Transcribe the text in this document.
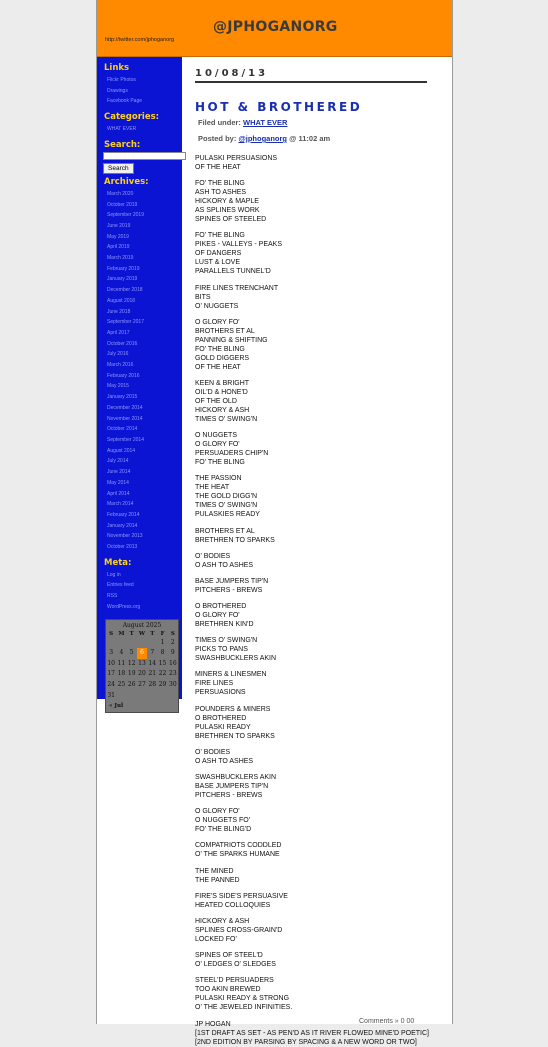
@JPHOGANORG
http://twitter.com/jphoganorg
Links
Flickr Photos
Drawings
Facebook Page
Categories:
WHAT EVER
Search:
Search
Archives:
March 2020
October 2019
September 2019
June 2019
May 2019
April 2019
March 2019
February 2019
January 2019
December 2018
August 2018
June 2018
September 2017
April 2017
October 2016
July 2016
March 2016
February 2016
May 2015
January 2015
December 2014
November 2014
October 2014
September 2014
August 2014
July 2014
June 2014
May 2014
April 2014
March 2014
February 2014
January 2014
November 2013
October 2013
Meta:
Log in
Entries feed
RSS
WordPress.org
August 2025
S	M	T	W	T	F	S
					1	2
3	4	5	6	7	8	9
10	11	12	13	14	15	16
17	18	19	20	21	22	23
24	25	26	27	28	29	30
31						
« Jul
10/08/13
HOT & BROTHERED
Filed under: WHAT EVER
Posted by: @jphoganorg @ 11:02 am
PULASKI PERSUASIONS
OF THE HEAT
FO' THE BLING
ASH TO ASHES
HICKORY & MAPLE
AS SPLINES WORK
SPINES OF STEELED
FO' THE BLING
PIKES - VALLEYS - PEAKS
OF DANGERS
LUST & LOVE
PARALLELS TUNNEL'D
FIRE LINES TRENCHANT
BITS
O' NUGGETS
O GLORY FO'
BROTHERS ET AL
PANNING & SHIFTING
FO' THE BLING
GOLD DIGGERS
OF THE HEAT
KEEN & BRIGHT
OIL'D & HONE'D
OF THE OLD
HICKORY & ASH
TIMES O' SWING'N
O NUGGETS
O GLORY FO'
PERSUADERS CHIP'N
FO' THE BLING
THE PASSION
THE HEAT
THE GOLD DIGG'N
TIMES O' SWING'N
PULASKIES READY
BROTHERS ET AL
BRETHREN TO SPARKS
O' BODIES
O ASH TO ASHES
BASE JUMPERS TIP'N
PITCHERS - BREWS
O BROTHERED
O GLORY FO'
BRETHREN KIN'D
TIMES O' SWING'N
PICKS TO PANS
SWASHBUCKLERS AKIN
MINERS & LINESMEN
FIRE LINES
PERSUASIONS
POUNDERS & MINERS
O BROTHERED
PULASKI READY
BRETHREN TO SPARKS
O' BODIES
O ASH TO ASHES
SWASHBUCKLERS AKIN
BASE JUMPERS TIP'N
PITCHERS - BREWS
O GLORY FO'
O NUGGETS FO'
FO' THE BLING'D
COMPATRIOTS CODDLED
O' THE SPARKS HUMANE
THE MINED
THE PANNED
FIRE'S SIDE'S PERSUASIVE
HEATED COLLOQUIES
HICKORY & ASH
SPLINES CROSS-GRAIN'D
LOCKED FO'
SPINES OF STEEL'D
O' LEDGES O' SLEDGES
STEEL'D PERSUADERS
TOO AKIN BREWED
PULASKI READY & STRONG
O' THE JEWELED INFINITIES.
JP HOGAN
[1ST DRAFT AS SET - AS PEN'D AS IT RIVER FLOWED MINE'D POETIC]
[2ND EDITION BY PARSING BY SPACING & A NEW WORD OR TWO]
Comments » 0 00
